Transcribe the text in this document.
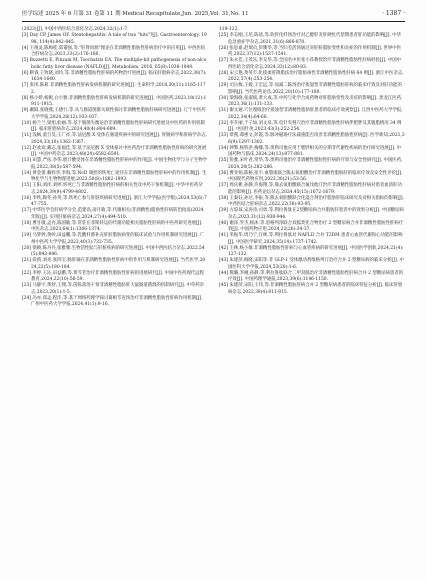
医学综述 2025 年 6 月第 31 卷第 11 期 Medical Recapitulate,Jun. 2025,Vol. 31,No. 11	· 1387 ·

(2023)[J]. 中国中西医结合消化杂志,2024,32(1):1-7.

[3] Day CP, James OF. Steatohepatitis: A tale of two "hits"?[J]. Gastroenterology, 1998, 114(4):842-845.

[4] 王俊灵,陈梅桂,郑董强,等."肝肾同源"理论在非酒精性脂肪性肝病治疗中的应用[J]. 中西医结合肝病杂志,2023,33(2):176-180.

[5] Buzzetti E, Pinzani M, Tsochatzis EA. The multiple-hit pathogenesis of non-alcoholic fatty liver disease (NAFLD)[J]. Metabolism, 2016, 65(8):1038-1048.

[6] 靳睿,王致晓,刘玲,等.非酒精性脂肪性肝病的药物治疗进展[J]. 临床肝胆病杂志,2022,38(7):1634-1640.

[7] 张彤,陈莉.非酒精性脂肪性肝病发病机制的研究进展[J]. 生命科学,2018,30(11):1165-1172.

[8] 杨小娇,杨帆,白小雅.非酒精性脂肪性肝病发病机制的研究进展[J]. 中国医药,2023,18(12):1911-1915.

[9] 戴阳,张晓燕,王德行,等.从与肠道菌群关联性探讨非酒精性脂肪肝病研究进展[J]. 辽宁中医药大学学报,2024,26(12):103-107.

[10] 杨兰兰,梁旭,仙丽,等.基于肠菌失衡论治非酒精性脂肪性肝病研究进展及中医药的作用机制[J]. 临床肝胆病杂志,2024,40(4):804-809.

[11] 浅枫,童旦昊,王广祥,等.法尼醇 X 受体在肠道疾病中的研究进展[J]. 胃肠病学和肝病学杂志,2024,33(10):1362-1367.

[12] 赵欢欢,戴志,张福佳,等.基于法尼醇 X 受体探讨中医药治疗非酒精性脂肪性肝病的研究进展[J]. 中国中药杂志,2023,48(24):6582-6591.

[13] 田慧,严佑,李伟.胆汁酸受体在非酒精性脂肪性肝病中的作用[J]. 中国生物化学与分子生物学报,2022,38(5):587-594.

[14] 黄金蕾,赖梓华,李海,等.NcD 调控的铁死亡途径在非酒精性脂肪性肝病中的作用机制[J]. 生物化学与生物物理进展,2023,50(8):1882-1893.

[15] 王阳,刘洋,刘婷.铁死亡与非酒精性脂肪性肝病的相关性及中药干预机制[J]. 中华中医药杂志,2024,39(9):4799-4802.

[16] 李铁,陶冬,孙英,等.铁死亡参与肝脏疾病研究进展[J]. 浙江大学学报(医学版),2024,53(6):747-755.

[17] 中华医学会肝病学分会,范建高,南月敏,等.代谢相关(非酒精性)脂肪性肝病防治指南(2024 年版)[J]. 实用肝脏病杂志,2024,27(4):494-510.

[18] 曹甘敏,孟亮,陈国敏,等.常驻在菲斯转运的代谢功能相关脂肪性肝病的中医药研究进展[J]. 中医杂志,2023,64(1):1366-1374.

[19] 马梦婷,黄岭,田益鹏,等.乳酸杆菌补充肝脏脂肪病变的临床试验与作用机制研究进展[J]. 广州中医药大学学报,2023,40(3):732-735.

[20] 梁峤,陈丹丹,张雅雅.生物活性肽与肝脏疾病的研究进展[J]. 中国中西医结合杂志,2022,54(5):843-846.

[21] 段倩,刘亮,张四宝.肠肝轴在非酒精性脂肪性肝病中的作用与机制研究进展[J]. 当代医学,2024,22(5):180-184.

[22] 李婷,王沁,田益鹏,等.黄芩苷治疗非酒精性脂肪性肝病的进展研究[J]. 中国中医药现代远程教育,2024,22(10):56-59.

[23] 马静宇,黄舒,王翔,等.茵陈蒿汤干预非酒精性脂肪肝大鼠肠道菌群的机制研究[J]. 中草药杂志,2023,20(1):1-5.

[24] 冯亦,郑孟,程洋,等.基于网络药理学探讨葛根芩连汤治疗非酒精性脂肪性肝病作用机制[J]. 广州中医药大学学报,2024,41(1):9-16.

119-122.

[25] 李志刚,王培,陈清,等.软肝化纤汤治疗对乙醇肝炎肝硬化代偿期患者肝功能的影响[J]. 中华危急重症学杂志,2021,31(6):866-870.

[26] 张思嘉,赵瑞贞,彭珊华,等.当归羌活汤通过对肝脏脂肪变性和炎症的作用机制[J]. 世界中医药,2022,37(12):1537-1541.

[27] 朱永佳,王茂乐,李戈华,等.全国名中医张小萍教授治疗非酒精性脂肪性肝病经验[J]. 中国中西医结合消化杂志,2024,33(12):80-83.

[28] 宋云艳,黄英丰.化痰柔肝降脂法治疗脂肪毒性非酒精性脂肪性肝病 64 例[J]. 浙江中医杂志,2022,57(4):253-254.

[29] 司岳梅,王媛,王宏远,等.加减二陈汤治疗痰湿型非酒精性脂肪肝病的临床疗效及对肝功能的影响[J]. 当代医药论丛,2022,20(10):177-180.

[30] 梁海晓,张淑斌,黄大成,等.中药与化学合成药物对肝脂肪变性及炎症的影响[J]. 黑龙江医药,2023,36(1):131-133.

[31] 谢文通.穴位埋线治疗痰浊型非酒精性脂肪肝患者的临床疗效观察[J]. 江西中医药大学学报,2022,34(4):64-66.

[32] 李升丽,于子如,刘文泉,等.电针夹脊穴治疗非酒精性脂肪性肝病伴肥胖及其腹脂情况 34 例[J]. 中国针灸,2023,43(3):252-254.

[33] 覃燕,谭惠文,彭霞,等.脉冲磁场疗法减重能否改善非酒精性脂肪性肝病[J]. 医学新知,2021,36(9):1297-1302.

[34] 钟擎,杨铁洪,梅娜,等.奥利司他应用于肥胖相关的分期非代谢性疾病的治疗研究进展[J]. 中国药物与临床,2024,24(13):877-881.

[35] 钮雅,宋叶君,常华,等.奥利司他治疗非酒精性脂肪性肝病的疗效与安全性研究[J]. 中国医药,2024,24(5):282-286.

[36] 曹亚娟,陈秘,张宇.血脂康联合熊去氧胆酸治疗非酒精性脂肪肝的临床疗效及安全性评价[J]. 中国现代药物应用,2023,30(21):53-56.

[37] 周庆彬,孙静,许海翔,等.熊去氧胆酸联合氟伐他汀治疗非酒精性脂肪性肝病对患者血清肝功能的影响[J]. 医药论坛杂志,2024,45(15):1672-1679.

[38] 王秦钰,孙达,李振,等.熊去氧胆酸联合化湿合剂治疗脂肪肝临床研究及对相关指标的影响[J]. 中西医结合肝病杂志,2022,22(16):93-95.

[39] 方琼琼,宋涛涛,司勇,等.利拉鲁肽在2型糖尿病合并脂肪肝患者中的效果分析[J]. 中国糖尿病杂志,2023,31(12):938-944.

[40] 谢泽,罗杰,杨沐,等.恩格列净联合双胍类化合物治疗 2 型糖尿病合并非酒精性脂肪性肝病疗效[J]. 中国药物应用,2024,22(26):34-37.

[41] 米振华,周乃宁,汪林,等.利拉鲁肽对 NAFLD 合并 T2DM 患者心血管代谢和心功能的影响[J]. 中国医学研究,2024,35(14):1737-1742.

[42] 王林,杨小敏.非酒精性脂肪性肝病与心血管疾病的研究进展[J]. 中国医学创新,2024,21(4):127-132.

[43] 朱建萍,杨晓,宋阳等.非 GLP-1 受体激动剂维格列汀治疗合并 2 型糖尿病的临床分析[J]. 中国医科大学学报,2024,53(20):1-6.

[44] 熊璐,李刚,孙静,等.利拉鲁肽联合二甲双胍治疗非酒精性脂肪性肝病合并 2 型糖尿病患者的疗效[J]. 中国药理学通报,2023,39(6):1146-1150.

[45] 朱建萍,宋阳,王伟,等.非酒精性脂肪肝病合并 2 型糖尿病患者的临床特征分析[J]. 临床肝胆病杂志,2022,38(4):811-815.
